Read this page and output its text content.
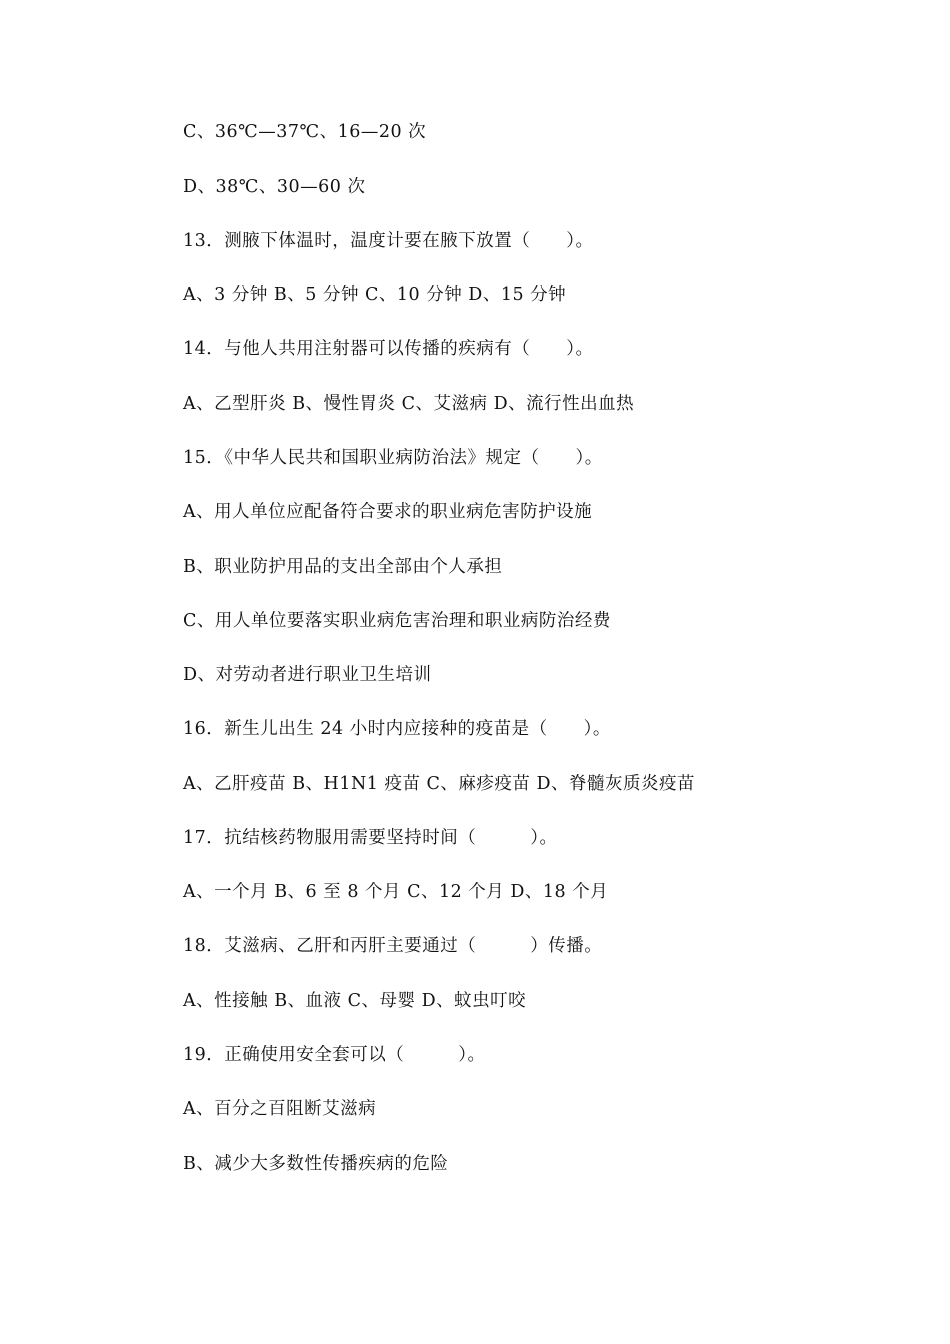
C、36℃—37℃、16—20 次
D、38℃、30—60 次
13．测腋下体温时，温度计要在腋下放置（　　）。
A、3 分钟 B、5 分钟 C、10 分钟 D、15 分钟
14．与他人共用注射器可以传播的疾病有（　　）。
A、乙型肝炎 B、慢性胃炎 C、艾滋病 D、流行性出血热
15．《中华人民共和国职业病防治法》规定（　　）。
A、用人单位应配备符合要求的职业病危害防护设施
B、职业防护用品的支出全部由个人承担
C、用人单位要落实职业病危害治理和职业病防治经费
D、对劳动者进行职业卫生培训
16．新生儿出生 24 小时内应接种的疫苗是（　　）。
A、乙肝疫苗 B、H1N1 疫苗 C、麻疹疫苗 D、脊髓灰质炎疫苗
17．抗结核药物服用需要坚持时间（　　　）。
A、一个月 B、6 至 8 个月 C、12 个月 D、18 个月
18．艾滋病、乙肝和丙肝主要通过（　　　）传播。
A、性接触 B、血液 C、母婴 D、蚊虫叮咬
19．正确使用安全套可以（　　　）。
A、百分之百阻断艾滋病
B、减少大多数性传播疾病的危险
